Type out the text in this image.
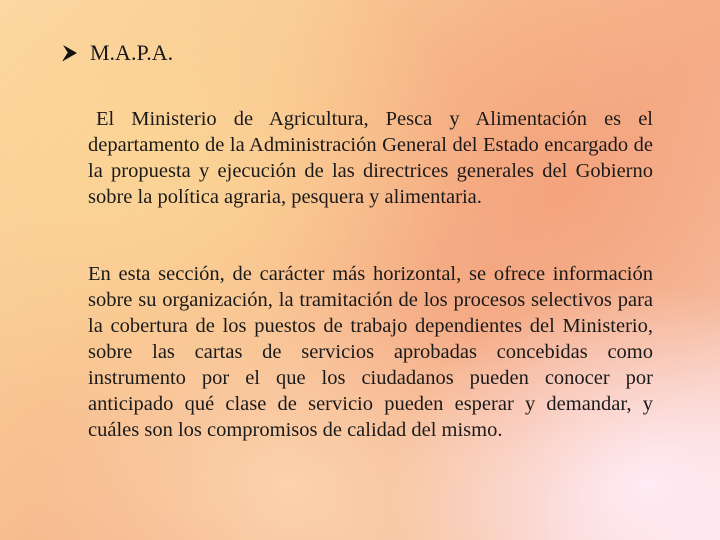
M.A.P.A.

El Ministerio de Agricultura, Pesca y Alimentación es el departamento de la Administración General del Estado encargado de la propuesta y ejecución de las directrices generales del Gobierno sobre la política agraria, pesquera y alimentaria.

En esta sección, de carácter más horizontal, se ofrece información sobre su organización, la tramitación de los procesos selectivos para la cobertura de los puestos de trabajo dependientes del Ministerio, sobre las cartas de servicios aprobadas concebidas como instrumento por el que los ciudadanos pueden conocer por anticipado qué clase de servicio pueden esperar y demandar, y cuáles son los compromisos de calidad del mismo.
